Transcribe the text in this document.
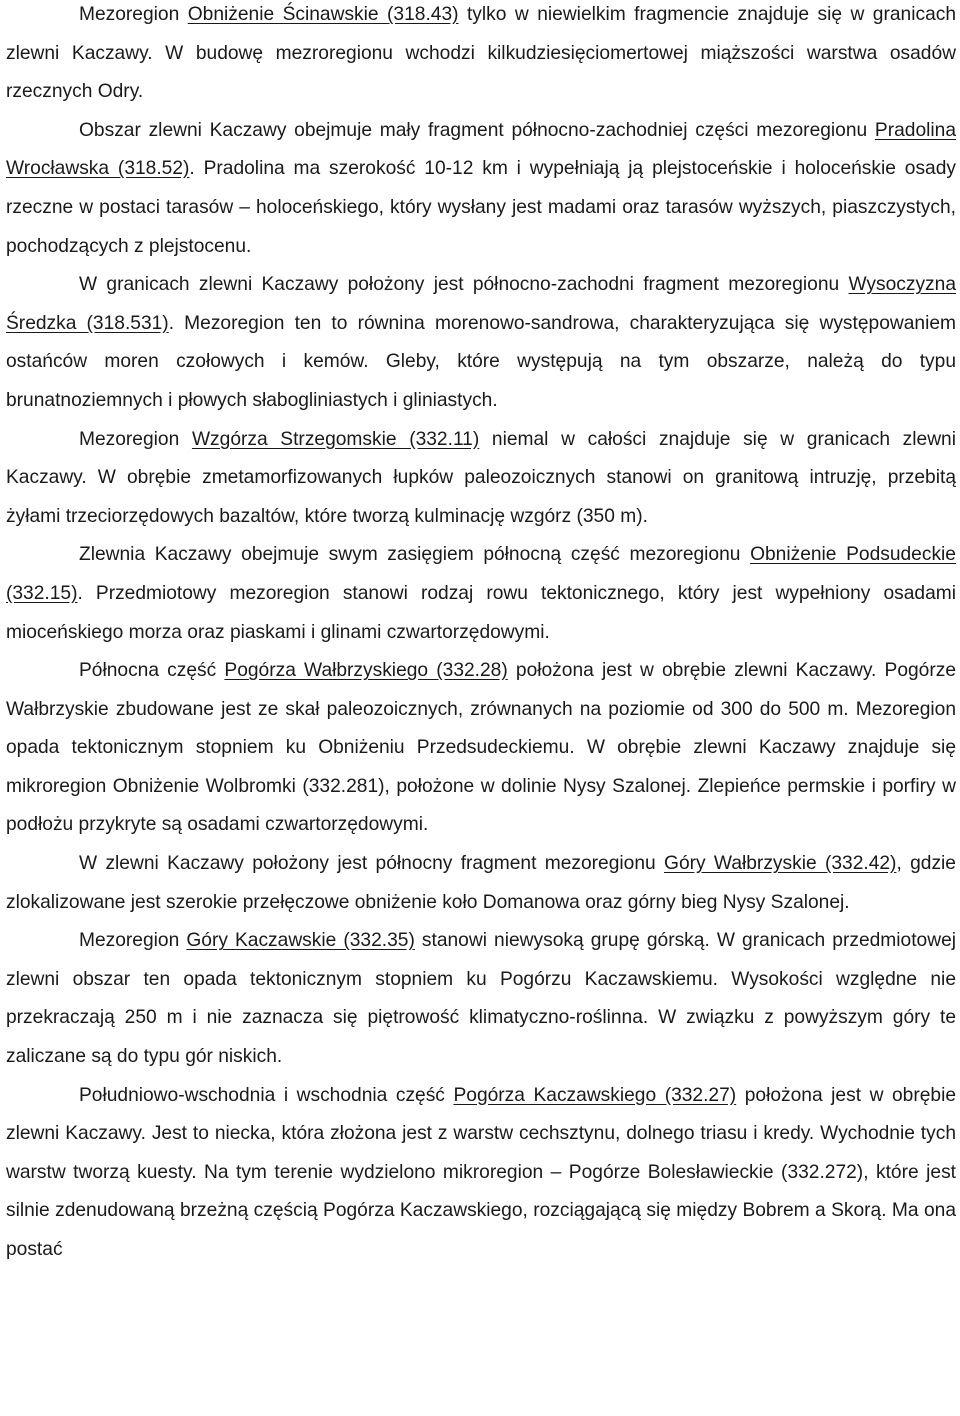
Mezoregion Obniżenie Ścinawskie (318.43) tylko w niewielkim fragmencie znajduje się w granicach zlewni Kaczawy. W budowę mezroregionu wchodzi kilkudziesięciomertowej miąższości warstwa osadów rzecznych Odry.

Obszar zlewni Kaczawy obejmuje mały fragment północno-zachodniej części mezoregionu Pradolina Wrocławska (318.52). Pradolina ma szerokość 10-12 km i wypełniają ją plejstoceńskie i holoceńskie osady rzeczne w postaci tarasów – holoceńskiego, który wysłany jest madami oraz tarasów wyższych, piaszczystych, pochodzących z plejstocenu.

W granicach zlewni Kaczawy położony jest północno-zachodni fragment mezoregionu Wysoczyzna Średzka (318.531). Mezoregion ten to równina morenowo-sandrowa, charakteryzująca się występowaniem ostańców moren czołowych i kemów. Gleby, które występują na tym obszarze, należą do typu brunatnoziemnych i płowych słabogliniastych i gliniastych.

Mezoregion Wzgórza Strzegomskie (332.11) niemal w całości znajduje się w granicach zlewni Kaczawy. W obrębie zmetamorfizowanych łupków paleozoicznych stanowi on granitową intruzję, przebitą żyłami trzeciorzędowych bazaltów, które tworzą kulminację wzgórz (350 m).

Zlewnia Kaczawy obejmuje swym zasięgiem północną część mezoregionu Obniżenie Podsudeckie (332.15). Przedmiotowy mezoregion stanowi rodzaj rowu tektonicznego, który jest wypełniony osadami mioceńskiego morza oraz piaskami i glinami czwartorzędowymi.

Północna część Pogórza Wałbrzyskiego (332.28) położona jest w obrębie zlewni Kaczawy. Pogórze Wałbrzyskie zbudowane jest ze skał paleozoicznych, zrównanych na poziomie od 300 do 500 m. Mezoregion opada tektonicznym stopniem ku Obniżeniu Przedsudeckiemu. W obrębie zlewni Kaczawy znajduje się mikroregion Obniżenie Wolbromki (332.281), położone w dolinie Nysy Szalonej. Zlepieńce permskie i porfiry w podłożu przykryte są osadami czwartorzędowymi.

W zlewni Kaczawy położony jest północny fragment mezoregionu Góry Wałbrzyskie (332.42), gdzie zlokalizowane jest szerokie przełęczowe obniżenie koło Domanowa oraz górny bieg Nysy Szalonej.

Mezoregion Góry Kaczawskie (332.35) stanowi niewysoką grupę górską. W granicach przedmiotowej zlewni obszar ten opada tektonicznym stopniem ku Pogórzu Kaczawskiemu. Wysokości względne nie przekraczają 250 m i nie zaznacza się piętrowość klimatyczno-roślinna. W związku z powyższym góry te zaliczane są do typu gór niskich.

Południowo-wschodnia i wschodnia część Pogórza Kaczawskiego (332.27) położona jest w obrębie zlewni Kaczawy. Jest to niecka, która złożona jest z warstw cechsztynu, dolnego triasu i kredy. Wychodnie tych warstw tworzą kuesty. Na tym terenie wydzielono mikroregion – Pogórze Bolesławieckie (332.272), które jest silnie zdenudowaną brzeżną częścią Pogórza Kaczawskiego, rozciągającą się między Bobrem a Skorą. Ma ona postać
